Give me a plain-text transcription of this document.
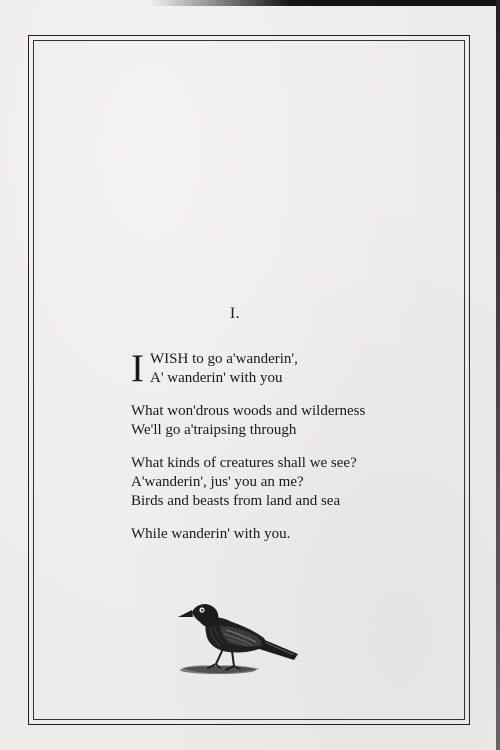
I.
I WISH to go a'wanderin',
A' wanderin' with you
What won'drous woods and wilderness
We'll go a'traipsing through
What kinds of creatures shall we see?
A'wanderin', jus' you an me?
Birds and beasts from land and sea
While wanderin' with you.
